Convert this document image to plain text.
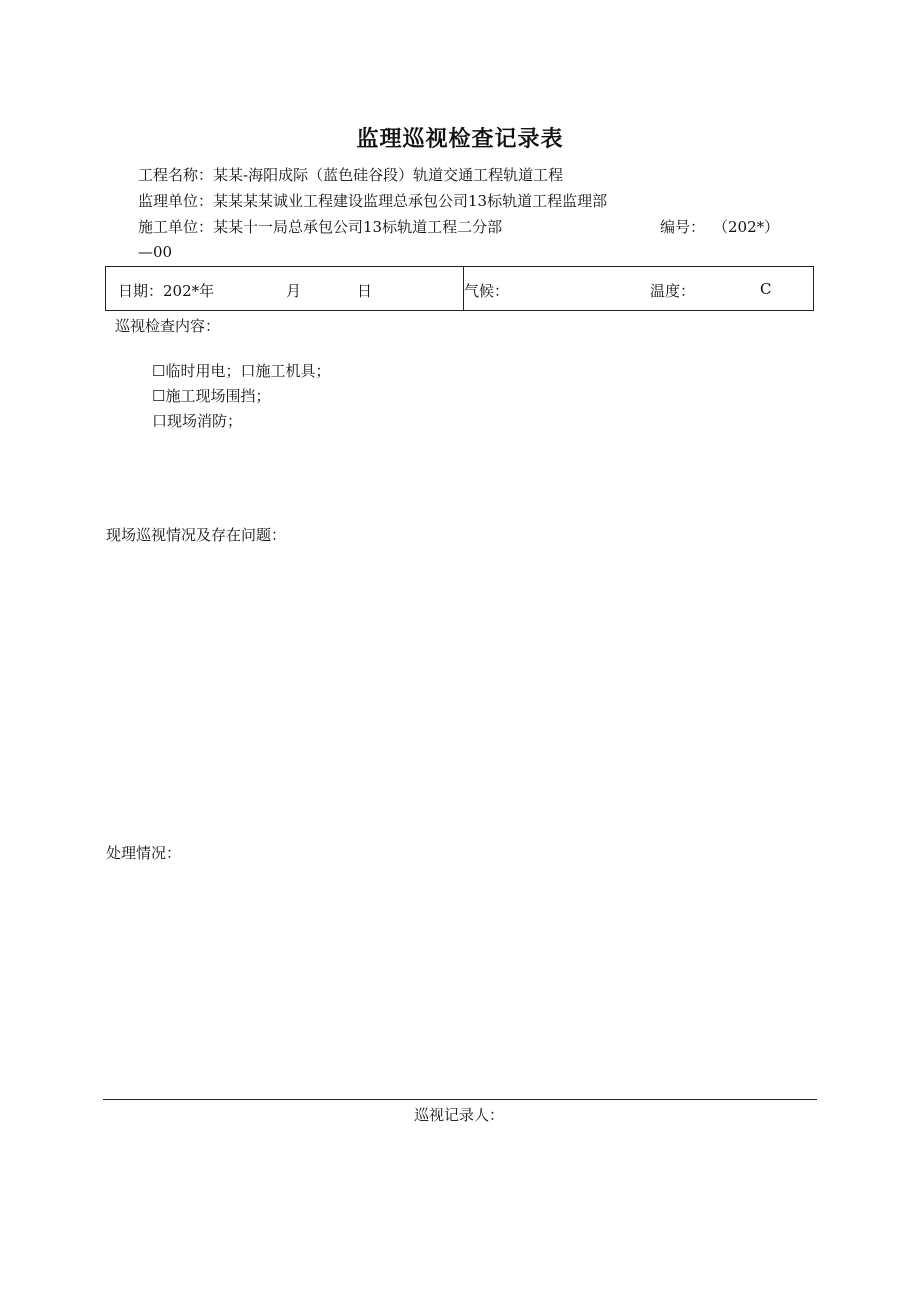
监理巡视检查记录表
工程名称：某某-海阳成际（蓝色硅谷段）轨道交通工程轨道工程
监理单位：某某某某诚业工程建设监理总承包公司13标轨道工程监理部
施工单位：某某十一局总承包公司13标轨道工程二分部	编号： （202*）
—00
日期：202*年	月	日	气候：	温度：	C
巡视检查内容：
☐临时用电；口施工机具；
☐施工现场围挡；
口现场消防；
现场巡视情况及存在问题：
处理情况：
巡视记录人：
